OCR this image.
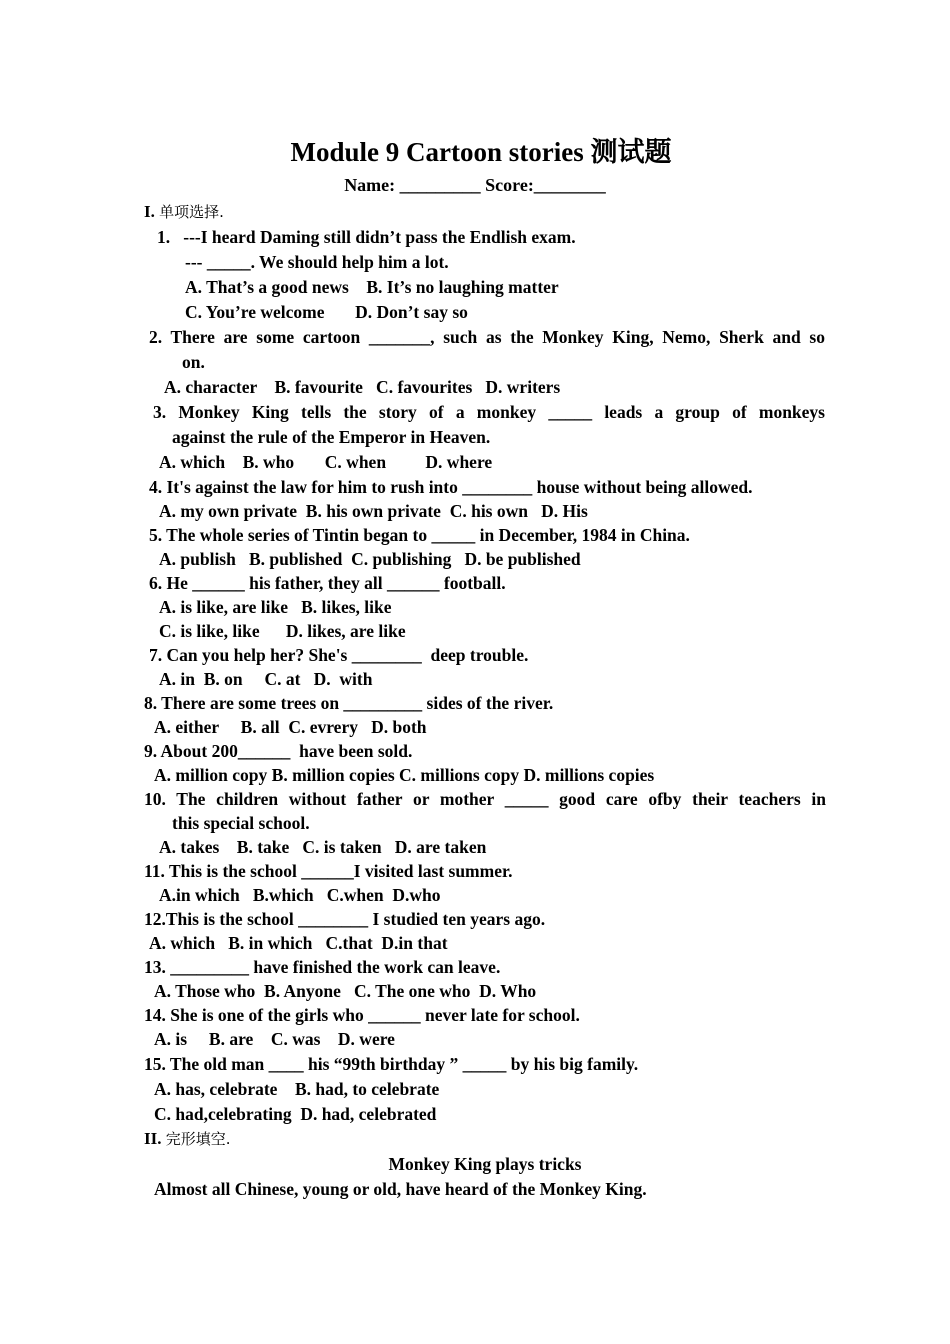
Module 9 Cartoon stories 测试题
Name: _________ Score:________
I. 单项选择.
1.   ---I heard Daming still didn’t pass the Endlish exam.
--- _____. We should help him a lot.
A. That’s a good news    B. It’s no laughing matter
C. You’re welcome       D. Don’t say so
2. There are some cartoon _______, such as the Monkey King, Nemo, Sherk and so
on.
A. character    B. favourite   C. favourites   D. writers
3. Monkey King tells the story of a monkey _____ leads a group of monkeys
against the rule of the Emperor in Heaven.
A. which    B. who       C. when         D. where
4. It's against the law for him to rush into ________ house without being allowed.
A. my own private  B. his own private  C. his own   D. His
5. The whole series of Tintin began to _____ in December, 1984 in China.
A. publish   B. published  C. publishing   D. be published
6. He ______ his father, they all ______ football.
A. is like, are like   B. likes, like
C. is like, like      D. likes, are like
7. Can you help her? She's ________  deep trouble.
A. in  B. on     C. at   D.  with
8. There are some trees on _________ sides of the river.
A. either     B. all  C. evrery   D. both
9. About 200______  have been sold.
A. million copy B. million copies C. millions copy D. millions copies
10. The children without father or mother _____ good care ofby their teachers in
this special school.
A. takes    B. take   C. is taken   D. are taken
11. This is the school ______I visited last summer.
A.in which   B.which   C.when  D.who
12.This is the school ________ I studied ten years ago.
A. which   B. in which   C.that  D.in that
13. _________ have finished the work can leave.
A. Those who  B. Anyone   C. The one who  D. Who
14. She is one of the girls who ______ never late for school.
A. is     B. are    C. was    D. were
15. The old man ____ his “99th birthday ” _____ by his big family.
A. has, celebrate    B. had, to celebrate
C. had,celebrating  D. had, celebrated
II. 完形填空.
Monkey King plays tricks
Almost all Chinese, young or old, have heard of the Monkey King.
